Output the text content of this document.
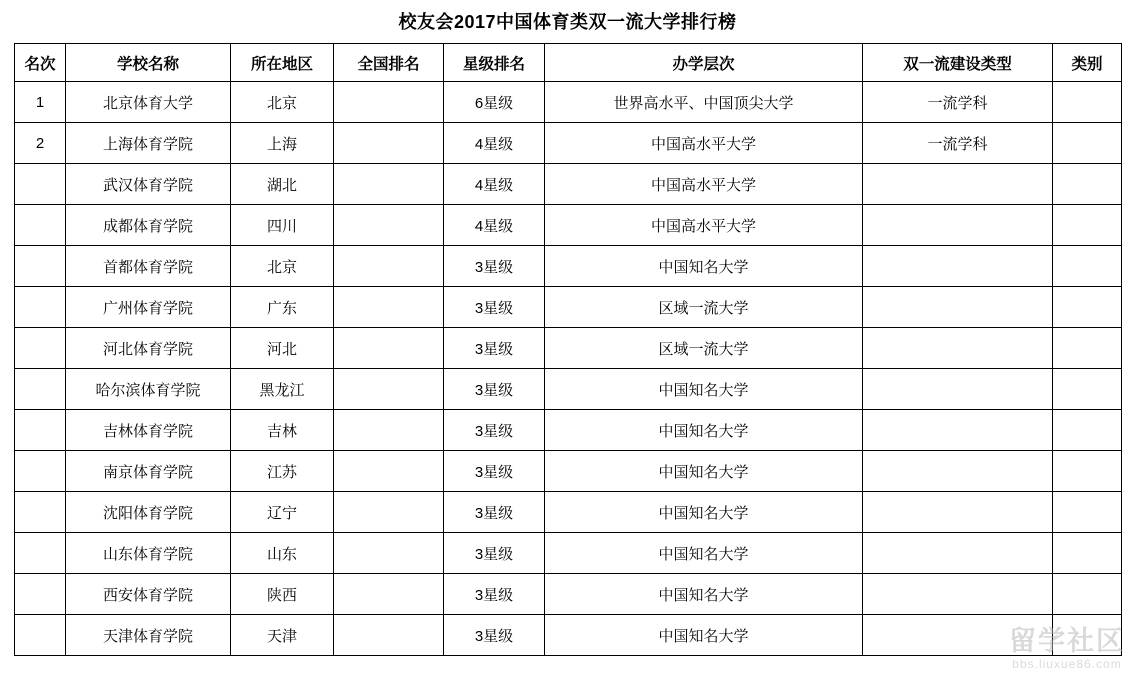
校友会2017中国体育类双一流大学排行榜
名次	学校名称	所在地区	全国排名	星级排名	办学层次	双一流建设类型	类别
1	北京体育大学	北京		6星级	世界高水平、中国顶尖大学	一流学科	
2	上海体育学院	上海		4星级	中国高水平大学	一流学科	
	武汉体育学院	湖北		4星级	中国高水平大学		
	成都体育学院	四川		4星级	中国高水平大学		
	首都体育学院	北京		3星级	中国知名大学		
	广州体育学院	广东		3星级	区域一流大学		
	河北体育学院	河北		3星级	区域一流大学		
	哈尔滨体育学院	黑龙江		3星级	中国知名大学		
	吉林体育学院	吉林		3星级	中国知名大学		
	南京体育学院	江苏		3星级	中国知名大学		
	沈阳体育学院	辽宁		3星级	中国知名大学		
	山东体育学院	山东		3星级	中国知名大学		
	西安体育学院	陕西		3星级	中国知名大学		
	天津体育学院	天津		3星级	中国知名大学			留学社区
bbs.liuxue86.com
